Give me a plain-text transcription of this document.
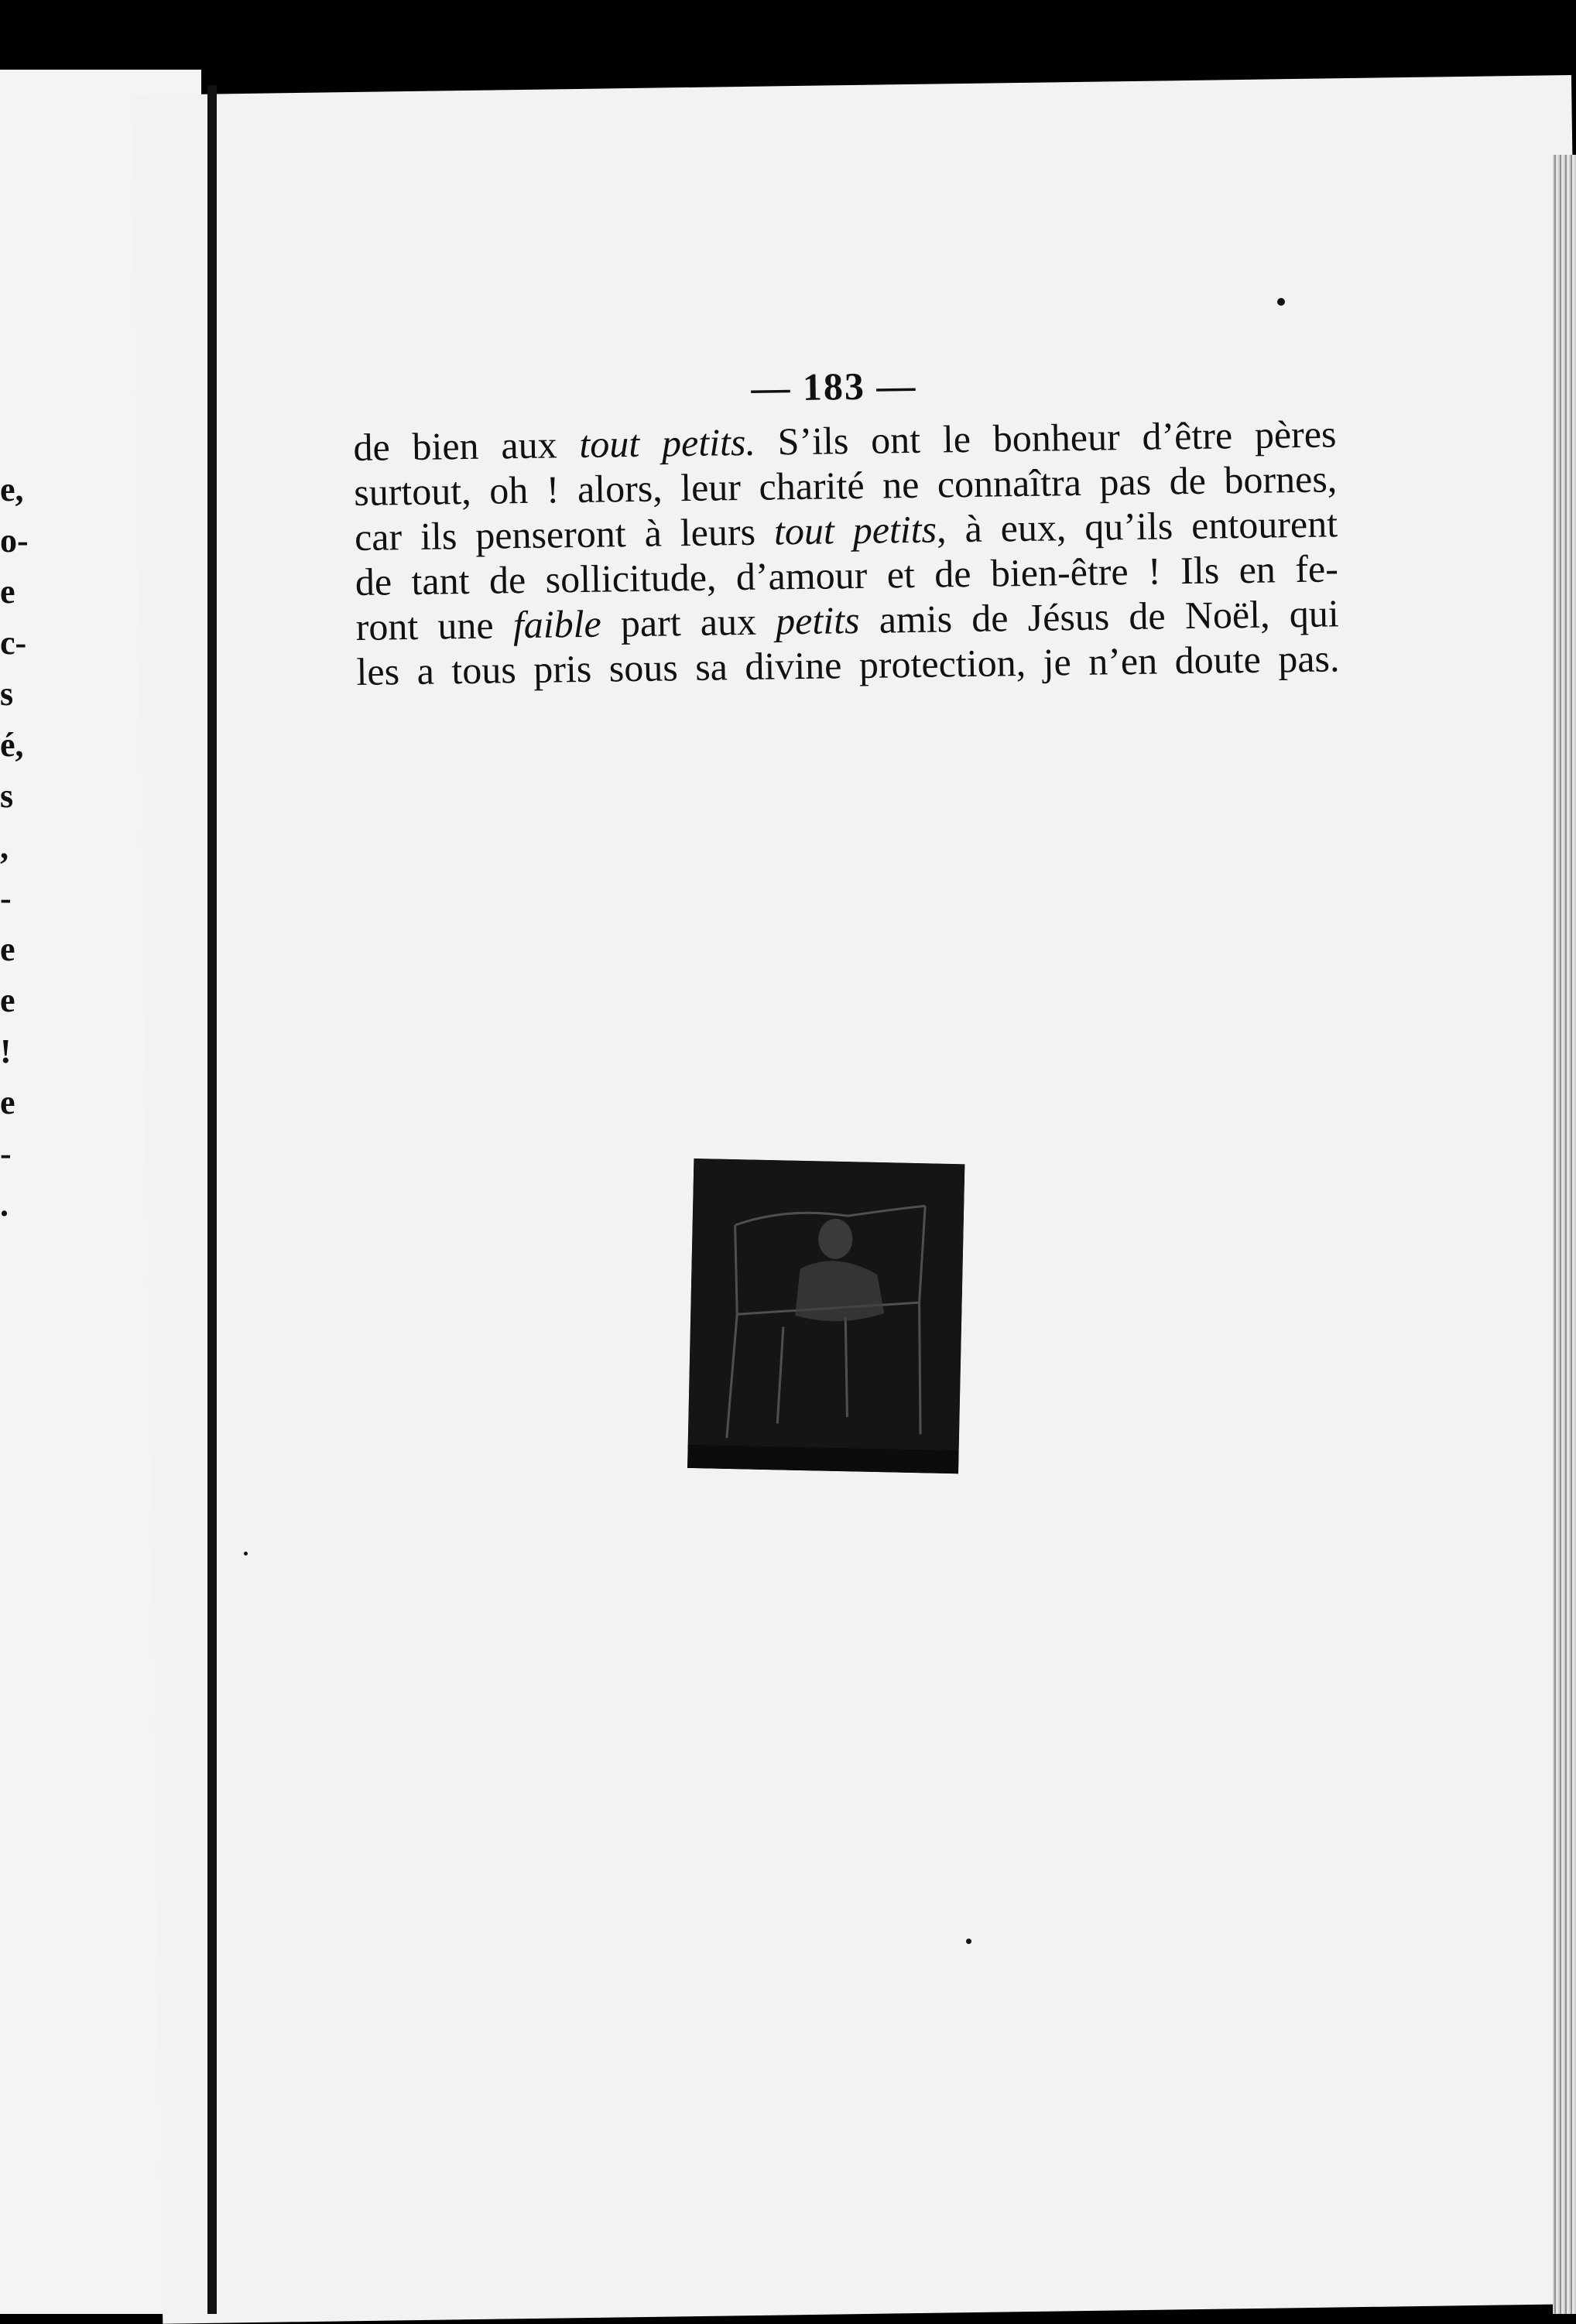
e,
o-
e
c-
s
é,
s
,
-
e
e
!
e
-
.
— 183 —

de bien aux tout petits. S’ils ont le bonheur d’être pères
surtout, oh ! alors, leur charité ne connaîtra pas de bornes,
car ils penseront à leurs tout petits, à eux, qu’ils entourent
de tant de sollicitude, d’amour et de bien-être ! Ils en fe-
ront une faible part aux petits amis de Jésus de Noël, qui
les a tous pris sous sa divine protection, je n’en doute pas.
